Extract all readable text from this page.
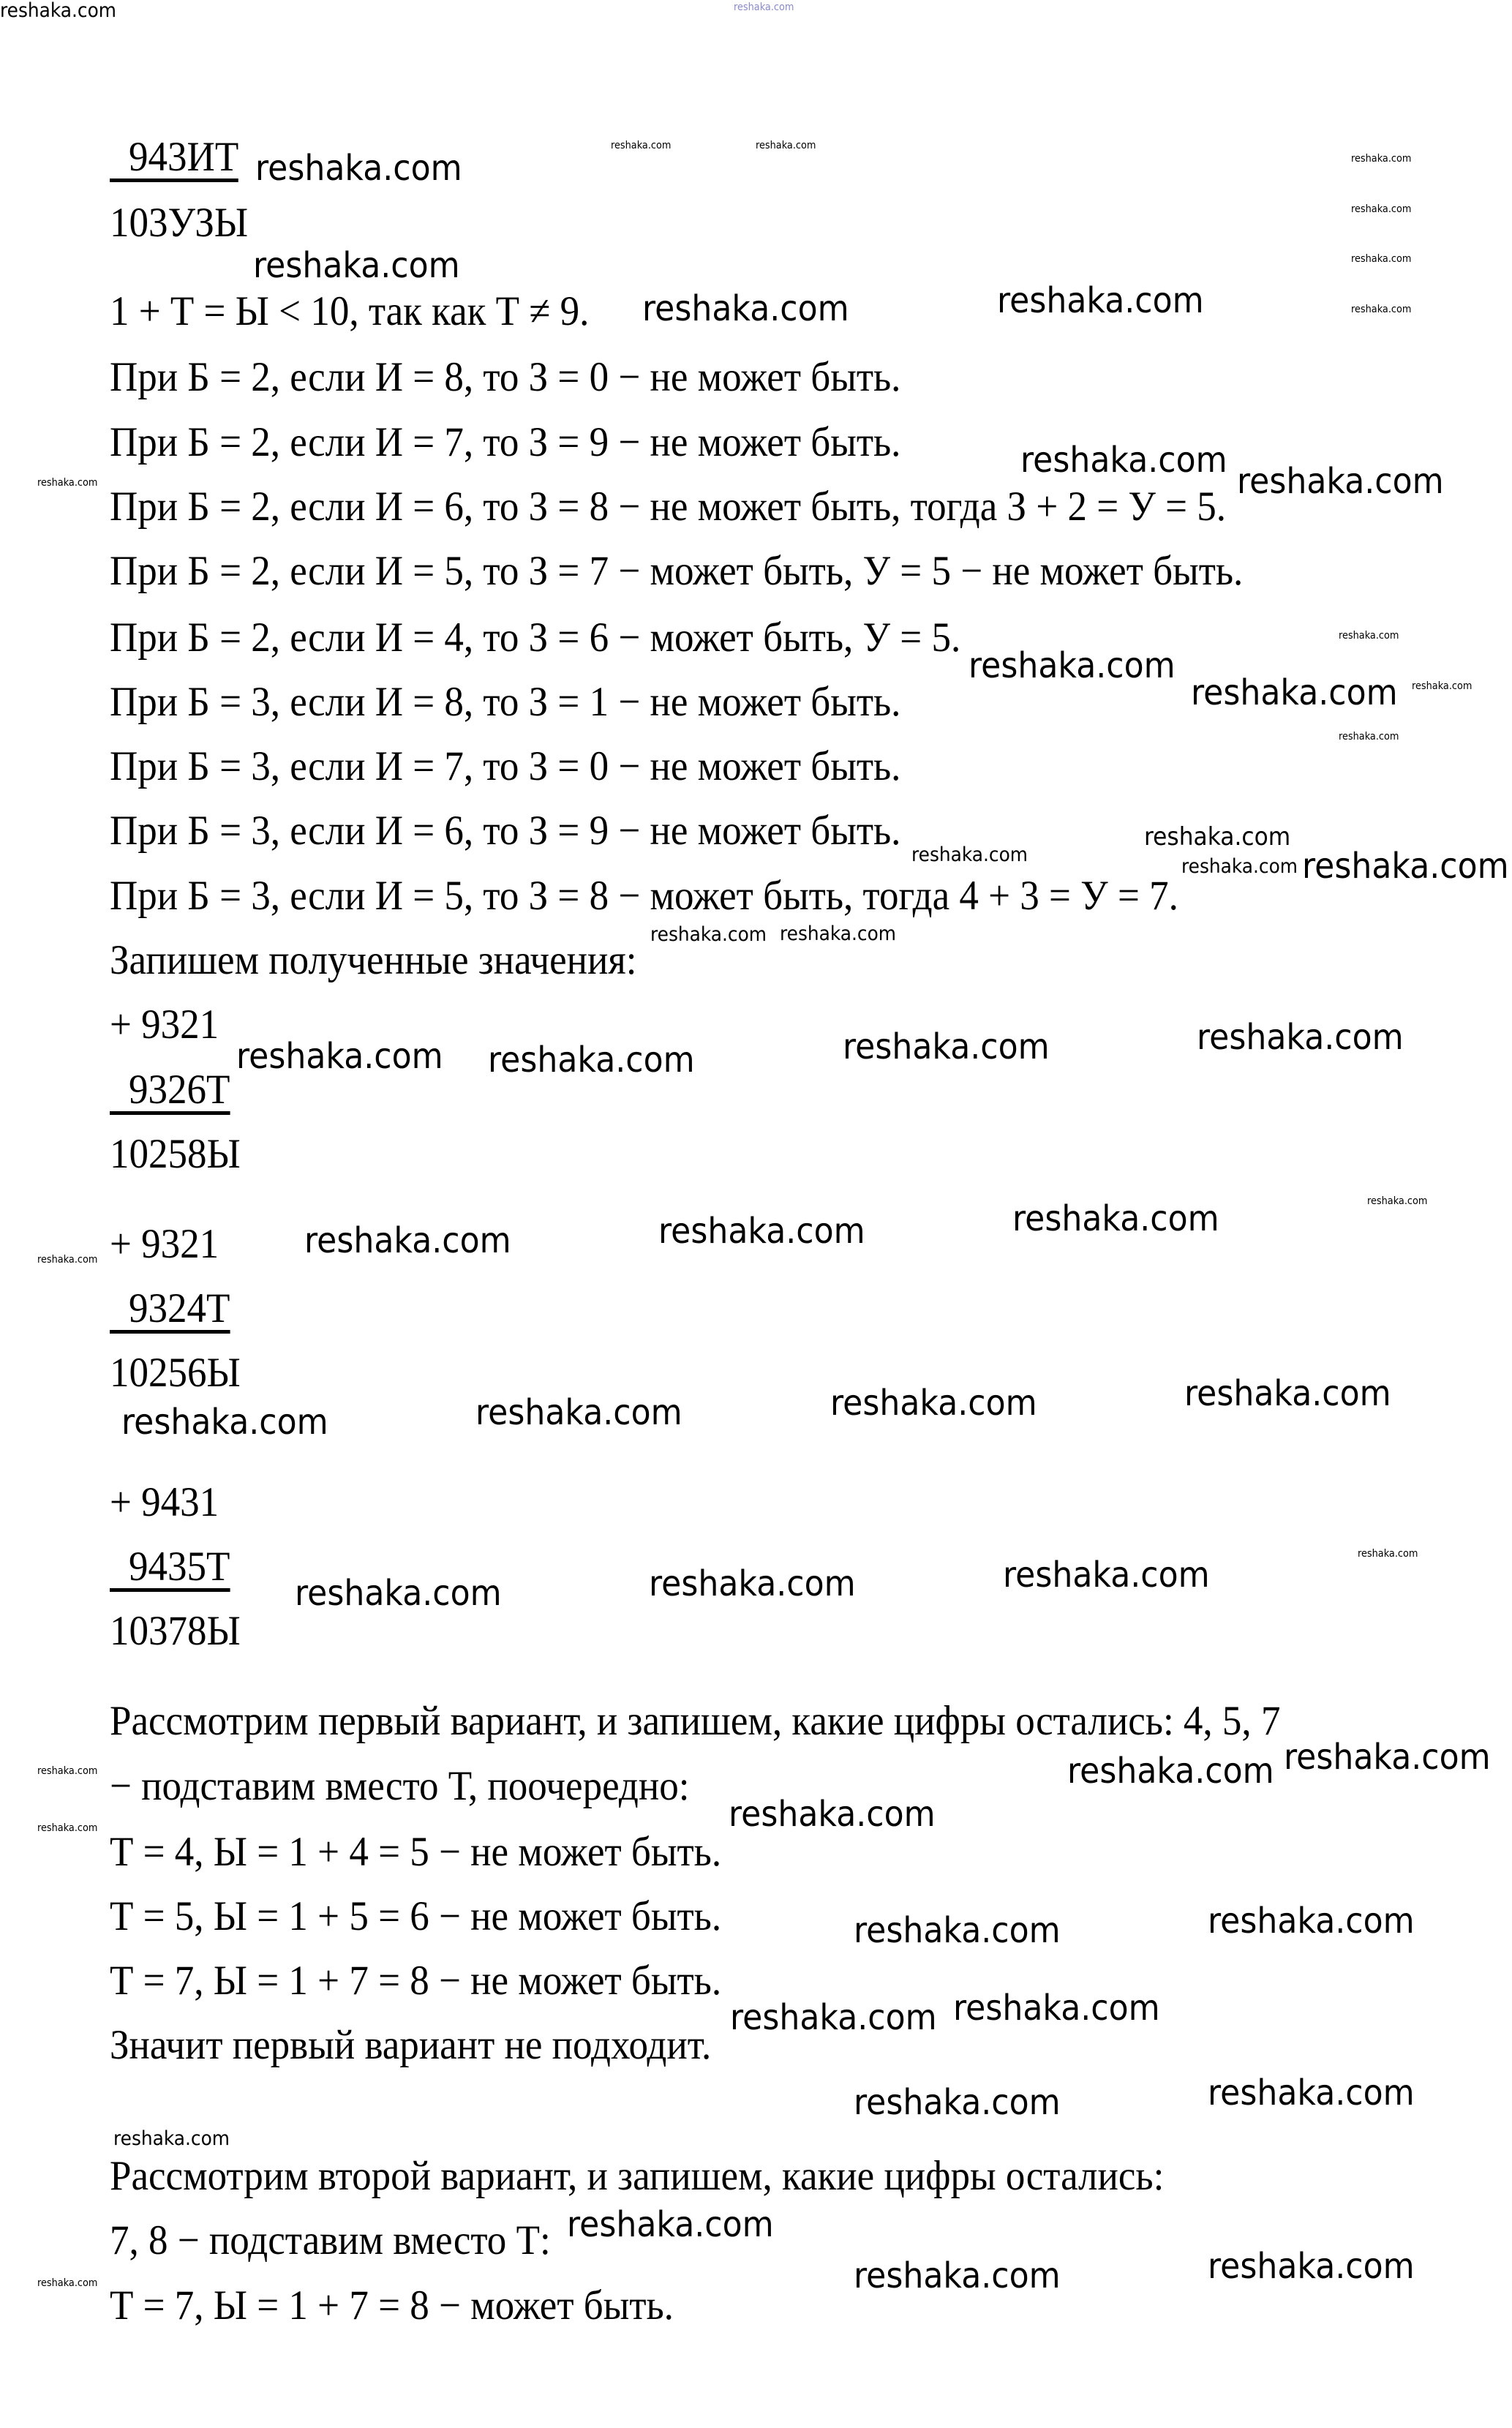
943ИТ
103УЗЫ
1 + Т = Ы < 10, так как Т ≠ 9.
При Б = 2, если И = 8, то З = 0 − не может быть.
При Б = 2, если И = 7, то З = 9 − не может быть.
При Б = 2, если И = 6, то З = 8 − не может быть, тогда З + 2 = У = 5.
При Б = 2, если И = 5, то З = 7 − может быть, У = 5 − не может быть.
При Б = 2, если И = 4, то З = 6 − может быть, У = 5.
При Б = 3, если И = 8, то З = 1 − не может быть.
При Б = 3, если И = 7, то З = 0 − не может быть.
При Б = 3, если И = 6, то З = 9 − не может быть.
При Б = 3, если И = 5, то З = 8 − может быть, тогда 4 + 3 = У = 7.
Запишем полученные значения:
+ 9321
9326Т
10258Ы
+ 9321
9324Т
10256Ы
+ 9431
9435Т
10378Ы
Рассмотрим первый вариант, и запишем, какие цифры остались: 4, 5, 7
− подставим вместо Т, поочередно:
Т = 4, Ы = 1 + 4 = 5 − не может быть.
Т = 5, Ы = 1 + 5 = 6 − не может быть.
Т = 7, Ы = 1 + 7 = 8 − не может быть.
Значит первый вариант не подходит.
Рассмотрим второй вариант, и запишем, какие цифры остались:
7, 8 − подставим вместо Т:
Т = 7, Ы = 1 + 7 = 8 − может быть.
reshaka.com
reshaka.com
reshaka.com
reshaka.com
reshaka.com
reshaka.com
reshaka.com
reshaka.com
reshaka.com
reshaka.com reshaka.com
reshaka.com
reshaka.com reshaka.com
reshaka.com
reshaka.com reshaka.com	reshaka.com	reshaka.com
reshaka.com	reshaka.com	reshaka.com
reshaka.com	reshaka.com	reshaka.com	reshaka.com
reshaka.com	reshaka.com	reshaka.com
reshaka.com
reshaka.com
reshaka.com
reshaka.com	reshaka.com
reshaka.com reshaka.com
reshaka.com	reshaka.com
reshaka.com
reshaka.com	reshaka.com
reshaka.com
reshaka.com	reshaka.com
reshaka.com
reshaka.com
reshaka.com
reshaka.com
reshaka.com
reshaka.com
reshaka.com
reshaka.com
reshaka.com
reshaka.com
reshaka.com
reshaka.com
reshaka.com
reshaka.com
reshaka.com
